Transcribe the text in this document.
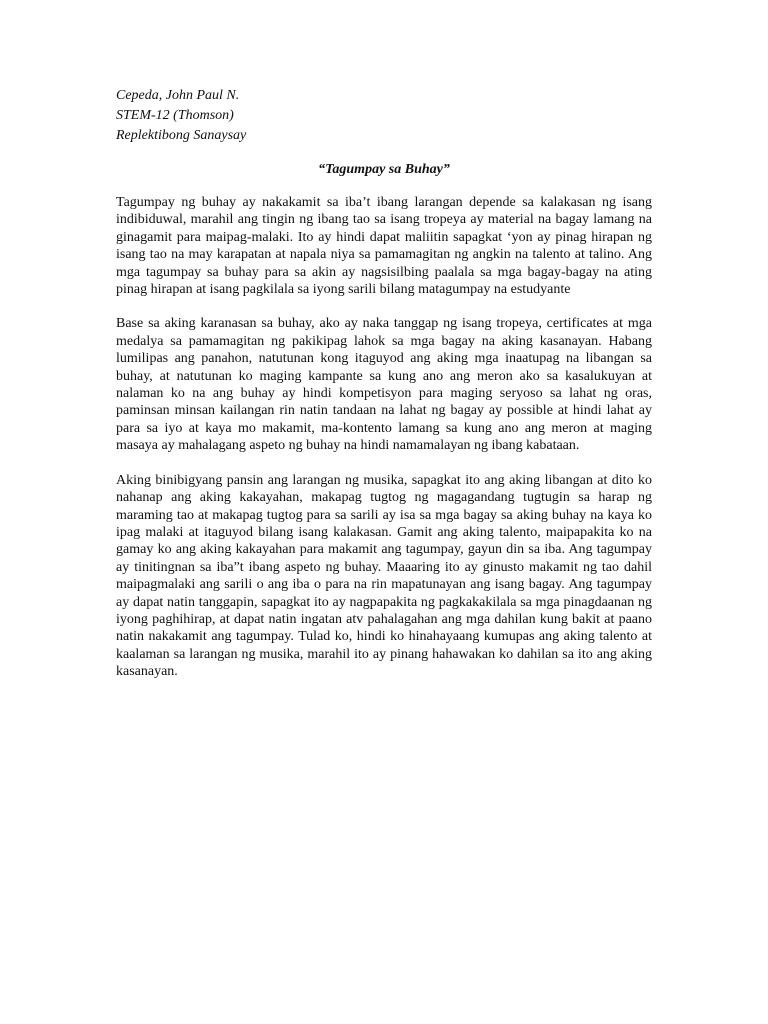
Cepeda, John Paul N.

STEM-12 (Thomson)

Replektibong Sanaysay

“Tagumpay sa Buhay”

Tagumpay ng buhay ay nakakamit sa iba’t ibang larangan depende sa kalakasan ng isang indibiduwal, marahil ang tingin ng ibang tao sa isang tropeya ay material na bagay lamang na ginagamit para maipag-malaki. Ito ay hindi dapat maliitin sapagkat ‘yon ay pinag hirapan ng isang tao na may karapatan at napala niya sa pamamagitan ng angkin na talento at talino. Ang mga tagumpay sa buhay para sa akin ay nagsisilbing paalala sa mga bagay-bagay na ating pinag hirapan at isang pagkilala sa iyong sarili bilang matagumpay na estudyante

Base sa aking karanasan sa buhay, ako ay naka tanggap ng isang tropeya, certificates at mga medalya sa pamamagitan ng pakikipag lahok sa mga bagay na aking kasanayan. Habang lumilipas ang panahon, natutunan kong itaguyod ang aking mga inaatupag na libangan sa buhay, at natutunan ko maging kampante sa kung ano ang meron ako sa kasalukuyan at nalaman ko na ang buhay ay hindi kompetisyon para maging seryoso sa lahat ng oras, paminsan minsan kailangan rin natin tandaan na lahat ng bagay ay possible at hindi lahat ay para sa iyo at kaya mo makamit, ma-kontento lamang sa kung ano ang meron at maging masaya ay mahalagang aspeto ng buhay na hindi namamalayan ng ibang kabataan.

Aking binibigyang pansin ang larangan ng musika, sapagkat ito ang aking libangan at dito ko nahanap ang aking kakayahan, makapag tugtog ng magagandang tugtugin sa harap ng maraming tao at makapag tugtog para sa sarili ay isa sa mga bagay sa aking buhay na kaya ko ipag malaki at itaguyod bilang isang kalakasan. Gamit ang aking talento, maipapakita ko na gamay ko ang aking kakayahan para makamit ang tagumpay, gayun din sa iba. Ang tagumpay ay tinitingnan sa iba”t ibang aspeto ng buhay. Maaaring ito ay ginusto makamit ng tao dahil maipagmalaki ang sarili o ang iba o para na rin mapatunayan ang isang bagay. Ang tagumpay ay dapat natin tanggapin, sapagkat ito ay nagpapakita ng pagkakakilala sa mga pinagdaanan ng iyong paghihirap, at dapat natin ingatan atv pahalagahan ang mga dahilan kung bakit at paano natin nakakamit ang tagumpay. Tulad ko, hindi ko hinahayaang kumupas ang aking talento at kaalaman sa larangan ng musika, marahil ito ay pinang hahawakan ko dahilan sa ito ang aking kasanayan.
